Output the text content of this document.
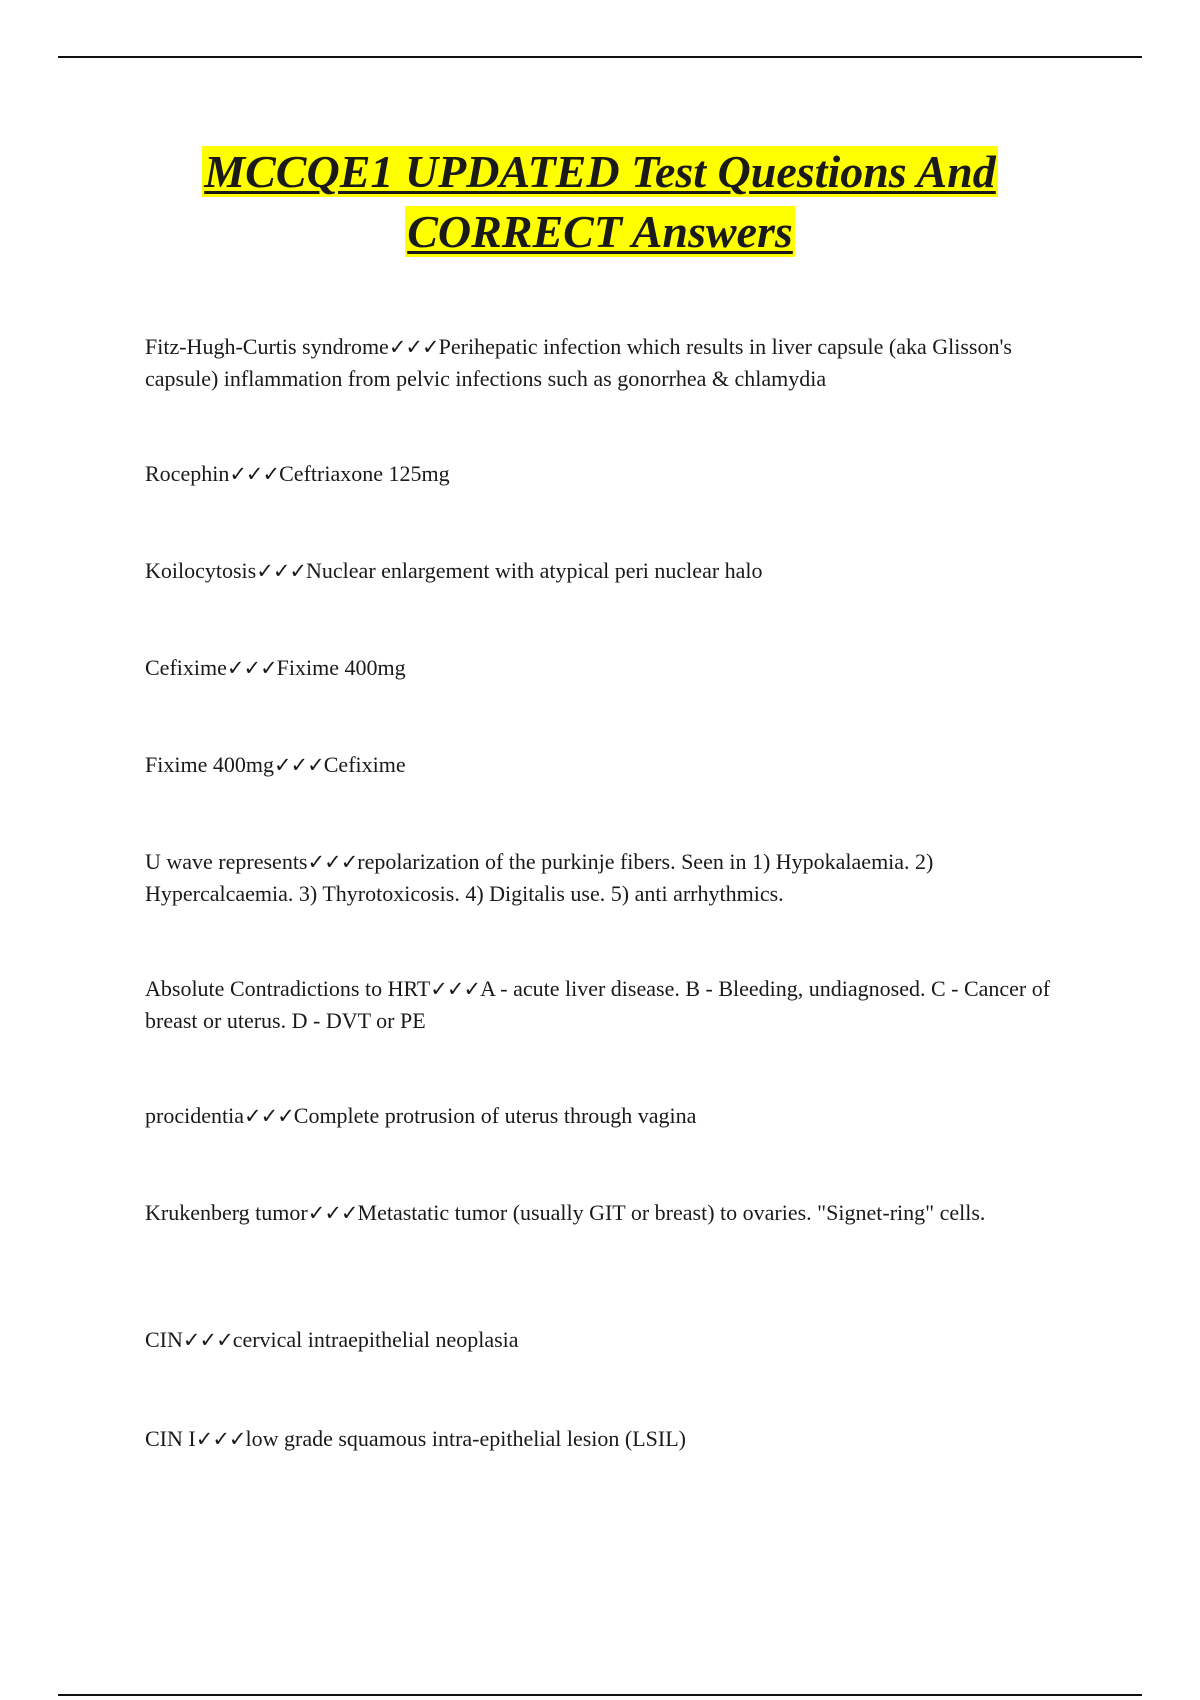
MCCQE1 UPDATED Test Questions And
CORRECT Answers

Fitz-Hugh-Curtis syndrome✓✓✓Perihepatic infection which results in liver capsule (aka Glisson's capsule) inflammation from pelvic infections such as gonorrhea & chlamydia

Rocephin✓✓✓Ceftriaxone 125mg

Koilocytosis✓✓✓Nuclear enlargement with atypical peri nuclear halo

Cefixime✓✓✓Fixime 400mg

Fixime 400mg✓✓✓Cefixime

U wave represents✓✓✓repolarization of the purkinje fibers. Seen in 1) Hypokalaemia. 2) Hypercalcaemia. 3) Thyrotoxicosis. 4) Digitalis use. 5) anti arrhythmics.

Absolute Contradictions to HRT✓✓✓A - acute liver disease. B - Bleeding, undiagnosed. C - Cancer of breast or uterus. D - DVT or PE

procidentia✓✓✓Complete protrusion of uterus through vagina

Krukenberg tumor✓✓✓Metastatic tumor (usually GIT or breast) to ovaries. "Signet-ring" cells.

CIN✓✓✓cervical intraepithelial neoplasia

CIN I✓✓✓low grade squamous intra-epithelial lesion (LSIL)
